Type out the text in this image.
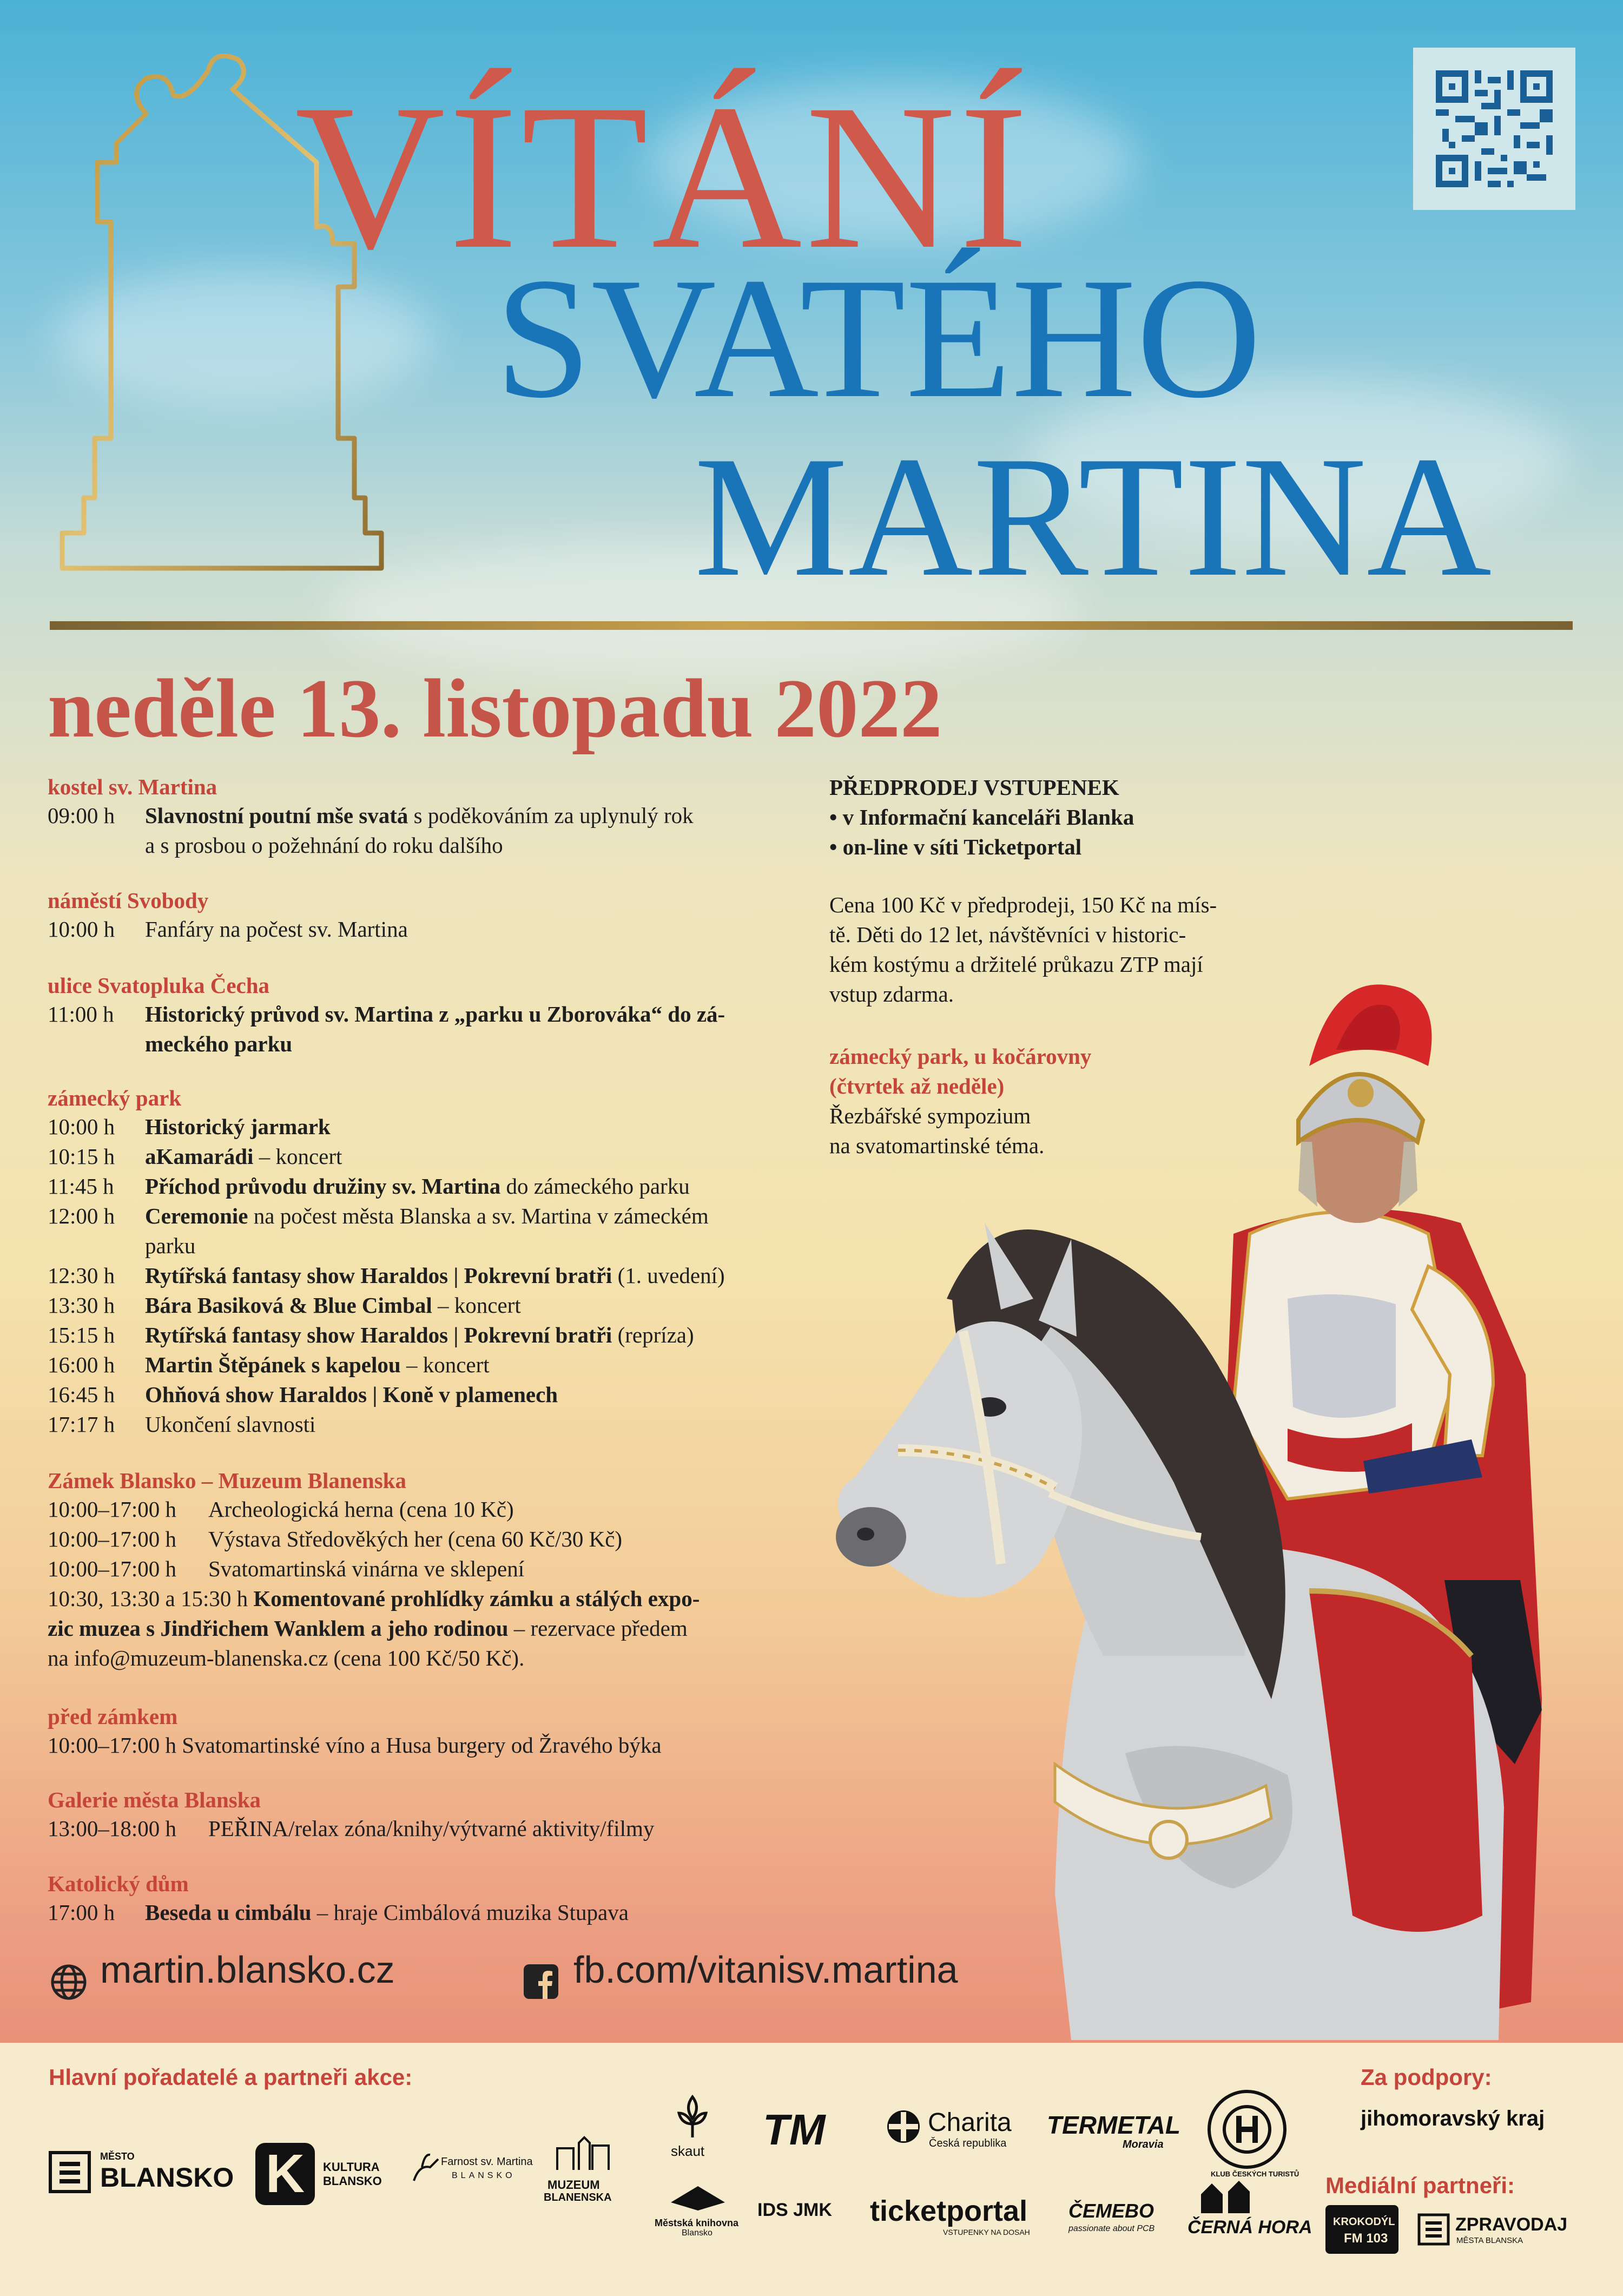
VÍTÁNÍ
SVATÉHO
MARTINA
neděle 13. listopadu 2022
kostel sv. Martina
09:00 h Slavnostní poutní mše svatá s poděkováním za uplynulý rok
a s prosbou o požehnání do roku dalšího
náměstí Svobody
10:00 h Fanfáry na počest sv. Martina
ulice Svatopluka Čecha
11:00 h Historický průvod sv. Martina z „parku u Zborováka“ do zá-
meckého parku
zámecký park
10:00 h Historický jarmark
10:15 h aKamarádi – koncert
11:45 h Příchod průvodu družiny sv. Martina do zámeckého parku
12:00 h Ceremonie na počest města Blanska a sv. Martina v zámeckém
parku
12:30 h Rytířská fantasy show Haraldos | Pokrevní bratři (1. uvedení)
13:30 h Bára Basiková & Blue Cimbal – koncert
15:15 h Rytířská fantasy show Haraldos | Pokrevní bratři (repríza)
16:00 h Martin Štěpánek s kapelou – koncert
16:45 h Ohňová show Haraldos | Koně v plamenech
17:17 h Ukončení slavnosti
Zámek Blansko – Muzeum Blanenska
10:00–17:00 h Archeologická herna (cena 10 Kč)
10:00–17:00 h Výstava Středověkých her (cena 60 Kč/30 Kč)
10:00–17:00 h Svatomartinská vinárna ve sklepení
10:30, 13:30 a 15:30 h Komentované prohlídky zámku a stálých expo-
zic muzea s Jindřichem Wanklem a jeho rodinou – rezervace předem
na info@muzeum-blanenska.cz (cena 100 Kč/50 Kč).
před zámkem
10:00–17:00 h Svatomartinské víno a Husa burgery od Žravého býka
Galerie města Blanska
13:00–18:00 h PEŘINA/relax zóna/knihy/výtvarné aktivity/filmy
Katolický dům
17:00 h Beseda u cimbálu – hraje Cimbálová muzika Stupava
PŘEDPRODEJ VSTUPENEK
• v Informační kanceláři Blanka
• on-line v síti Ticketportal
Cena 100 Kč v předprodeji, 150 Kč na mís-
tě. Děti do 12 let, návštěvníci v historic-
kém kostýmu a držitelé průkazu ZTP mají
vstup zdarma.
zámecký park, u kočárovny
(čtvrtek až neděle)
Řezbářské sympozium
na svatomartinské téma.
martin.blansko.cz	fb.com/vitanisv.martina
Hlavní pořadatelé a partneři akce:	Za podpory:
jihomoravský kraj
Mediální partneři:
MĚSTO
BLANSKO K	KULTURA
BLANSKO
Farnost sv. Martina
BLANSKO
MUZEUM
BLANENSKA
skaut
Městská knihovna
Blansko
TM
IDS JMK
Charita
Česká republika
ticketportal
VSTUPENKY NA DOSAH
TERMETAL
Moravia
ČEMEBO
passionate about PCB
KLUB ČESKÝCH TURISTŮ
ČERNÁ HORA KROKODÝL
FM 103
ZPRAVODAJ
MĚSTA BLANSKA
